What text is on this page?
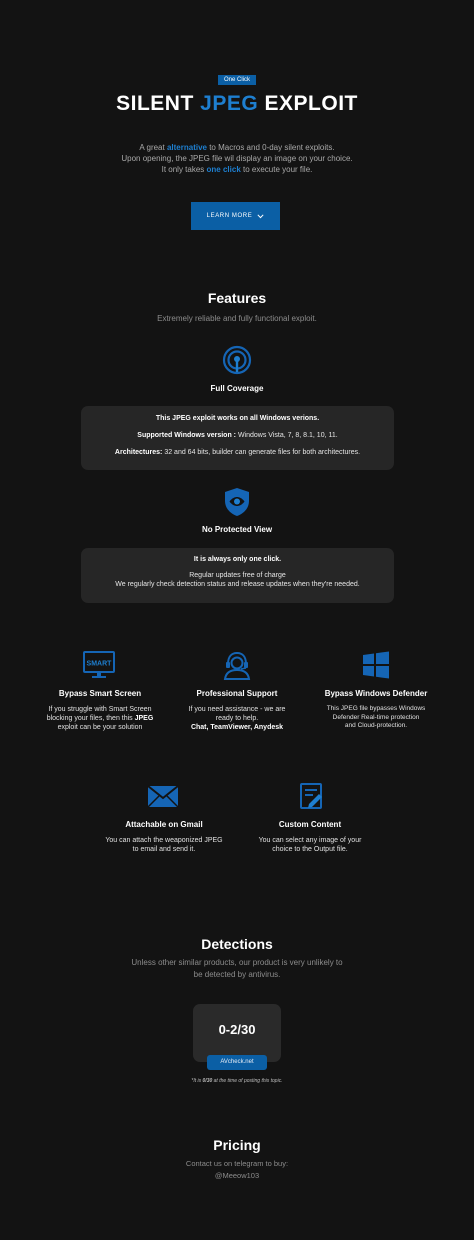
One Click
SILENT JPEG EXPLOIT
A great alternative to Macros and 0-day silent exploits.
Upon opening, the JPEG file wil display an image on your choice.
It only takes one click to execute your file.
LEARN MORE
Features
Extremely reliable and fully functional exploit.
Full Coverage

This JPEG exploit works on all Windows verions.

Supported Windows version : Windows Vista, 7, 8, 8.1, 10, 11.

Architectures: 32 and 64 bits, builder can generate files for both architectures.

No Protected View

It is always only one click.

Regular updates free of charge

We regularly check detection status and release updates when they're needed.

SMART
Bypass Smart Screen
If you struggle with Smart Screen
blocking your files, then this JPEG
exploit can be your solution
Professional Support
If you need assistance - we are
ready to help.
Chat, TeamViewer, Anydesk
Bypass Windows Defender
This JPEG file bypasses Windows
Defender Real-time protection
and Cloud-protection.
Attachable on Gmail
You can attach the weaponized JPEG
to email and send it.
Custom Content
You can select any image of your
choice to the Output file.
Detections
Unless other similar products, our product is very unlikely to
be detected by antivirus.
0-2/30
AVcheck.net
*It is 0/30 at the time of posting this topic.
Pricing
Contact us on telegram to buy:
@Meeow103
